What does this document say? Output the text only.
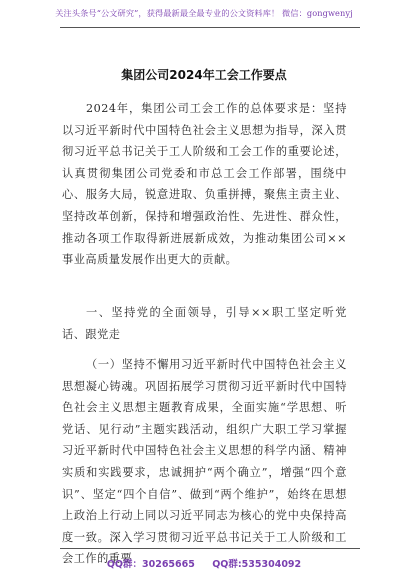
关注头条号“公文研究”，获得最新最全最专业的公文资料库！ 微信：gongwenyj
集团公司2024年工会工作要点
2024年，集团公司工会工作的总体要求是：坚持以习近平新时代中国特色社会主义思想为指导，深入贯彻习近平总书记关于工人阶级和工会工作的重要论述，认真贯彻集团公司党委和市总工会工作部署，围绕中心、服务大局，锐意进取、负重拼搏，聚焦主责主业、坚持改革创新，保持和增强政治性、先进性、群众性，推动各项工作取得新进展新成效，为推动集团公司××事业高质量发展作出更大的贡献。
一、坚持党的全面领导，引导××职工坚定听党话、跟党走
（一）坚持不懈用习近平新时代中国特色社会主义思想凝心铸魂。巩固拓展学习贯彻习近平新时代中国特色社会主义思想主题教育成果，全面实施“学思想、听党话、见行动”主题实践活动，组织广大职工学习掌握习近平新时代中国特色社会主义思想的科学内涵、精神实质和实践要求，忠诚拥护“两个确立”，增强“四个意识”、坚定“四个自信”、做到“两个维护”，始终在思想上政治上行动上同以习近平同志为核心的党中央保持高度一致。深入学习贯彻习近平总书记关于工人阶级和工会工作的重要
QQ群：30265665 QQ群:535304092
